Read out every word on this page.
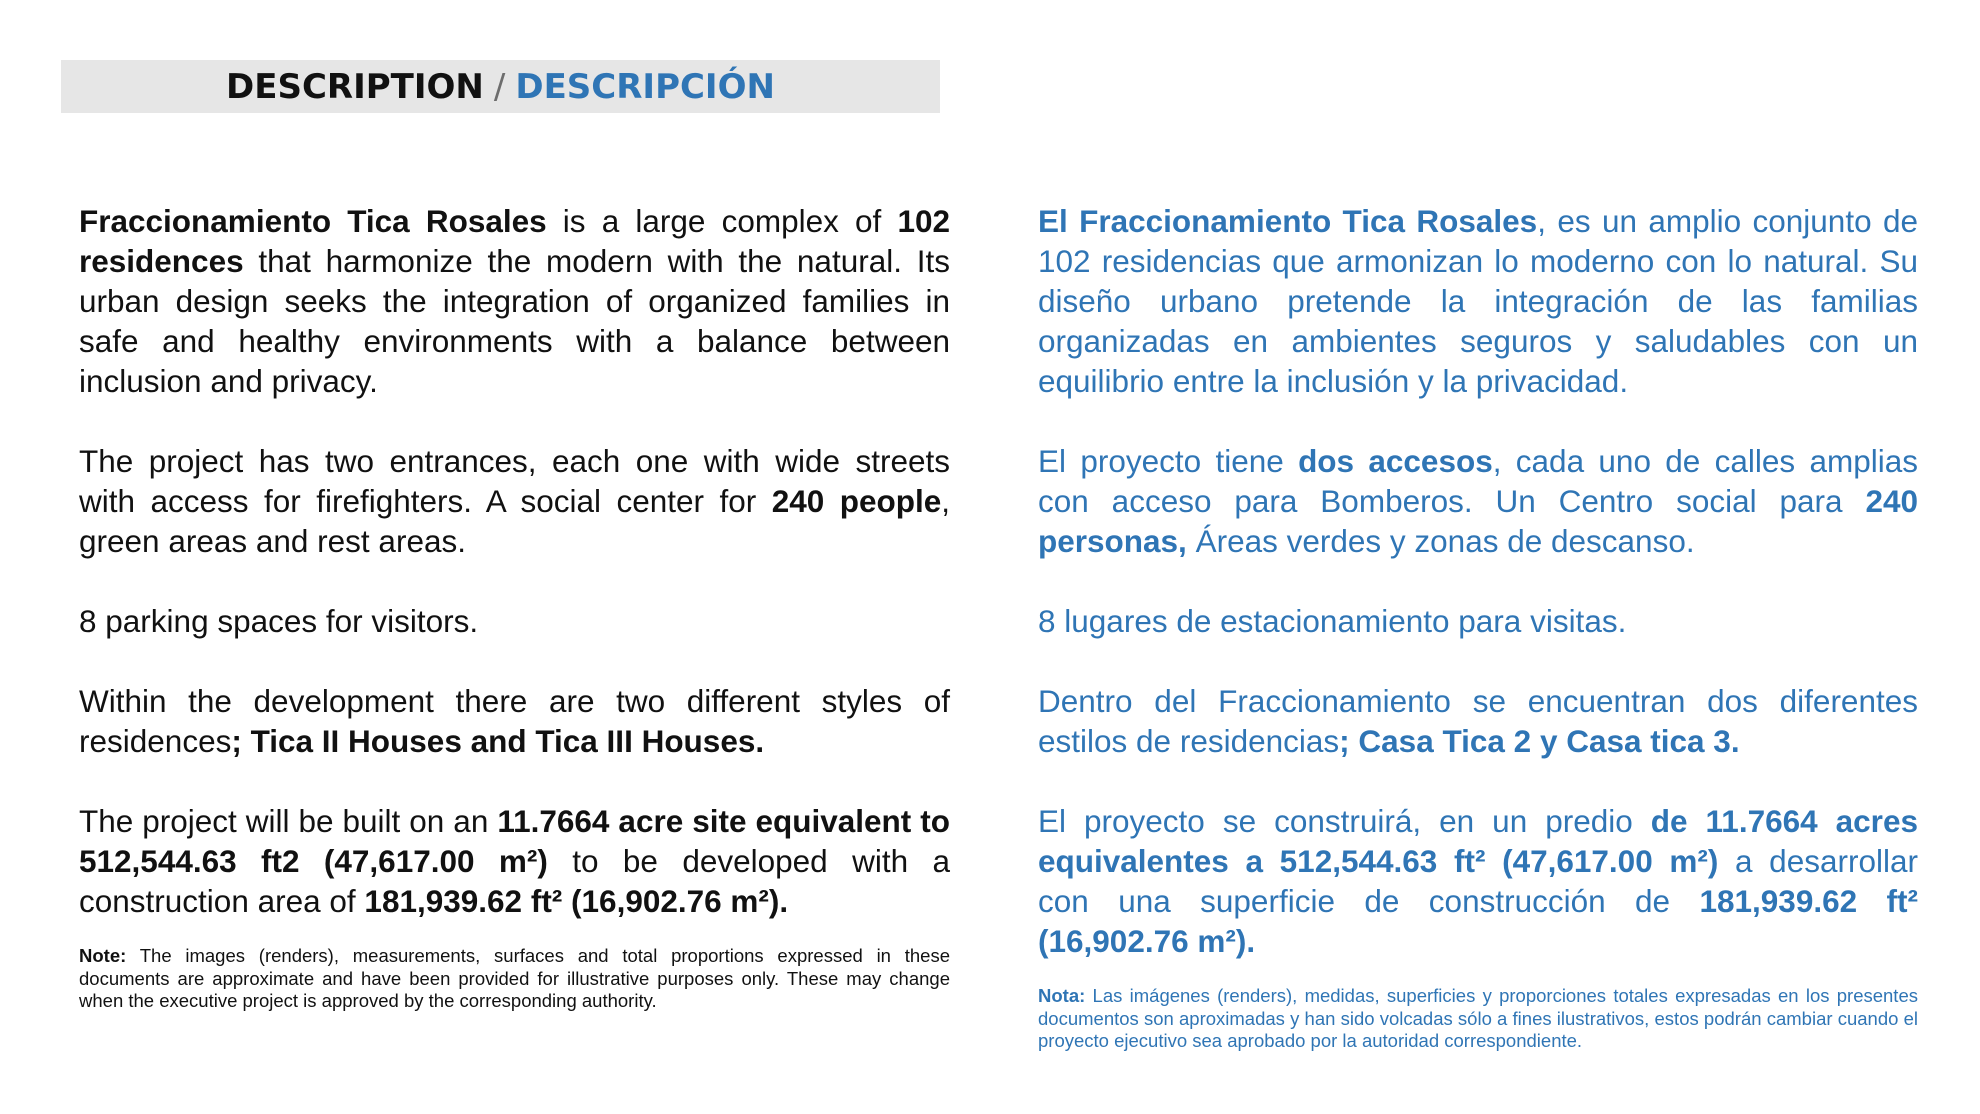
DESCRIPTION / DESCRIPCIÓN

Fraccionamiento Tica Rosales is a large complex of 102 residences that harmonize the modern with the natural. Its urban design seeks the integration of organized families in safe and healthy environments with a balance between inclusion and privacy.

The project has two entrances, each one with wide streets with access for firefighters. A social center for 240 people, green areas and rest areas.

8 parking spaces for visitors.

Within the development there are two different styles of residences; Tica II Houses and Tica III Houses.

The project will be built on an 11.7664 acre site equivalent to 512,544.63 ft2 (47,617.00 m²) to be developed with a construction area of 181,939.62 ft² (16,902.76 m²).

Note: The images (renders), measurements, surfaces and total proportions expressed in these documents are approximate and have been provided for illustrative purposes only. These may change when the executive project is approved by the corresponding authority.

El Fraccionamiento Tica Rosales, es un amplio conjunto de 102 residencias que armonizan lo moderno con lo natural. Su diseño urbano pretende la integración de las familias organizadas en ambientes seguros y saludables con un equilibrio entre la inclusión y la privacidad.

El proyecto tiene dos accesos, cada uno de calles amplias con acceso para Bomberos. Un Centro social para 240 personas, Áreas verdes y zonas de descanso.

8 lugares de estacionamiento para visitas.

Dentro del Fraccionamiento se encuentran dos diferentes estilos de residencias; Casa Tica 2 y Casa tica 3.

El proyecto se construirá, en un predio de 11.7664 acres equivalentes a 512,544.63 ft² (47,617.00 m²) a desarrollar con una superficie de construcción de 181,939.62 ft² (16,902.76 m²).

Nota: Las imágenes (renders), medidas, superficies y proporciones totales expresadas en los presentes documentos son aproximadas y han sido volcadas sólo a fines ilustrativos, estos podrán cambiar cuando el proyecto ejecutivo sea aprobado por la autoridad correspondiente.
